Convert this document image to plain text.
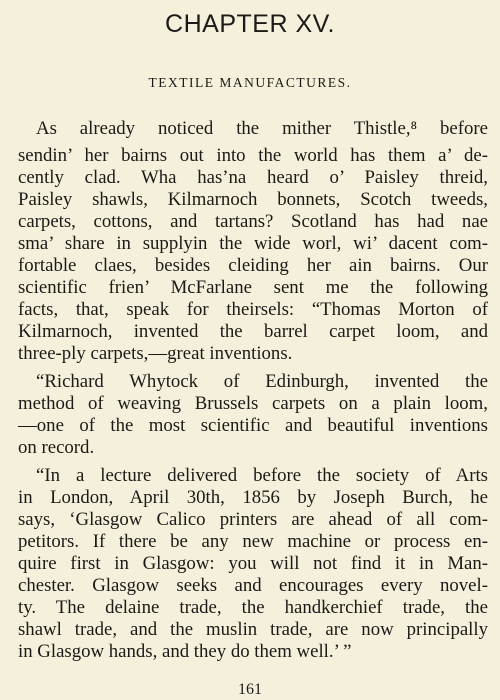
CHAPTER XV.
TEXTILE MANUFACTURES.
As already noticed the mither Thistle,⁸ before
sendin’ her bairns out into the world has them a’ de-
cently clad. Wha has’na heard o’ Paisley threid,
Paisley shawls, Kilmarnoch bonnets, Scotch tweeds,
carpets, cottons, and tartans? Scotland has had nae
sma’ share in supplyin the wide worl, wi’ dacent com-
fortable claes, besides cleiding her ain bairns. Our
scientific frien’ McFarlane sent me the following
facts, that, speak for theirsels: “Thomas Morton of
Kilmarnoch, invented the barrel carpet loom, and
three-ply carpets,—great inventions.
“Richard Whytock of Edinburgh, invented the
method of weaving Brussels carpets on a plain loom,
—one of the most scientific and beautiful inventions
on record.
“In a lecture delivered before the society of Arts
in London, April 30th, 1856 by Joseph Burch, he
says, ‘Glasgow Calico printers are ahead of all com-
petitors. If there be any new machine or process en-
quire first in Glasgow: you will not find it in Man-
chester. Glasgow seeks and encourages every novel-
ty. The delaine trade, the handkerchief trade, the
shawl trade, and the muslin trade, are now principally
in Glasgow hands, and they do them well.’ ”
161
